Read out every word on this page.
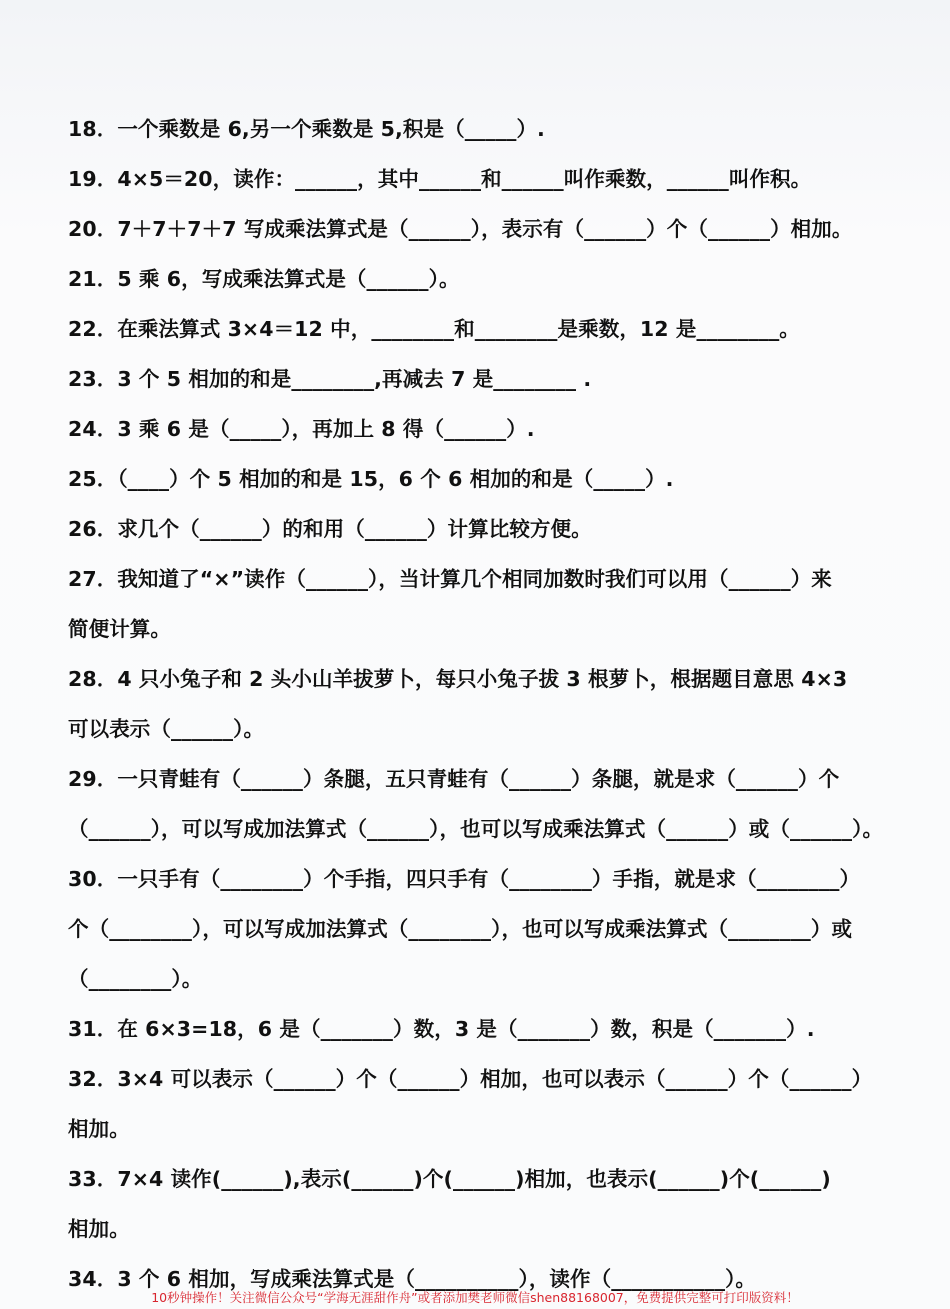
18．一个乘数是 6,另一个乘数是 5,积是（_____）.
19．4×5＝20，读作：______，其中______和______叫作乘数，______叫作积。
20．7＋7＋7＋7 写成乘法算式是（______），表示有（______）个（______）相加。
21．5 乘 6，写成乘法算式是（______）。
22．在乘法算式 3×4＝12 中，________和________是乘数，12 是________。
23．3 个 5 相加的和是________,再减去 7 是________ .
24．3 乘 6 是（_____），再加上 8 得（______）.
25．（____）个 5 相加的和是 15，6 个 6 相加的和是（_____）.
26．求几个（______）的和用（______）计算比较方便。
27．我知道了“×”读作（______），当计算几个相同加数时我们可以用（______）来
简便计算。
28．4 只小兔子和 2 头小山羊拔萝卜，每只小兔子拔 3 根萝卜，根据题目意思 4×3
可以表示（______）。
29．一只青蛙有（______）条腿，五只青蛙有（______）条腿，就是求（______）个
（______），可以写成加法算式（______），也可以写成乘法算式（______）或（______）。
30．一只手有（________）个手指，四只手有（________）手指，就是求（________）
个（________），可以写成加法算式（________），也可以写成乘法算式（________）或
（________）。
31．在 6×3=18，6 是（_______）数，3 是（_______）数，积是（_______）.
32．3×4 可以表示（______）个（______）相加，也可以表示（______）个（______）
相加。
33．7×4 读作(______),表示(______)个(______)相加，也表示(______)个(______)
相加。
34．3 个 6 相加，写成乘法算式是（__________），读作（___________）。
10秒钟操作！关注微信公众号“学海无涯甜作舟”或者添加樊老师微信shen88168007，免费提供完整可打印版资料！
